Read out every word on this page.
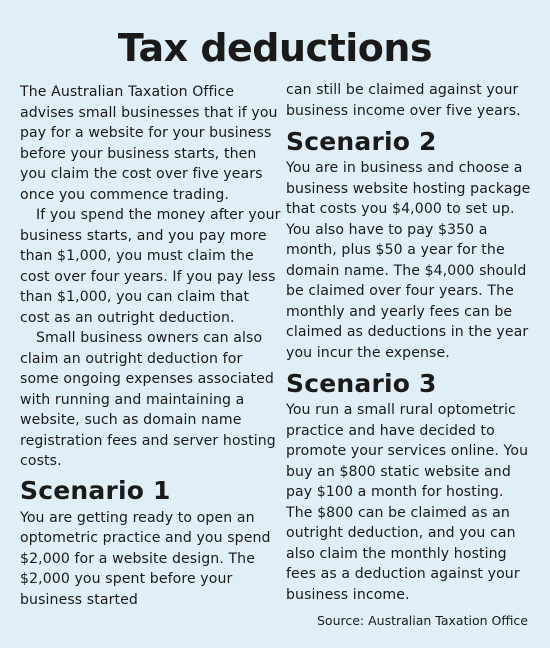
Tax deductions

The Australian Taxation Office advises small businesses that if you pay for a website for your business before your business starts, then you claim the cost over five years once you commence trading.

If you spend the money after your business starts, and you pay more than $1,000, you must claim the cost over four years. If you pay less than $1,000, you can claim that cost as an outright deduction.

Small business owners can also claim an outright deduction for some ongoing expenses associated with running and maintaining a website, such as domain name registration fees and server hosting costs.

Scenario 1

You are getting ready to open an optometric practice and you spend $2,000 for a website design. The $2,000 you spent before your business started

can still be claimed against your business income over five years.

Scenario 2

You are in business and choose a business website hosting package that costs you $4,000 to set up. You also have to pay $350 a month, plus $50 a year for the domain name. The $4,000 should be claimed over four years. The monthly and yearly fees can be claimed as deductions in the year you incur the expense.

Scenario 3

You run a small rural optometric practice and have decided to promote your services online. You buy an $800 static website and pay $100 a month for hosting. The $800 can be claimed as an outright deduction, and you can also claim the monthly hosting fees as a deduction against your business income.

Source: Australian Taxation Office
